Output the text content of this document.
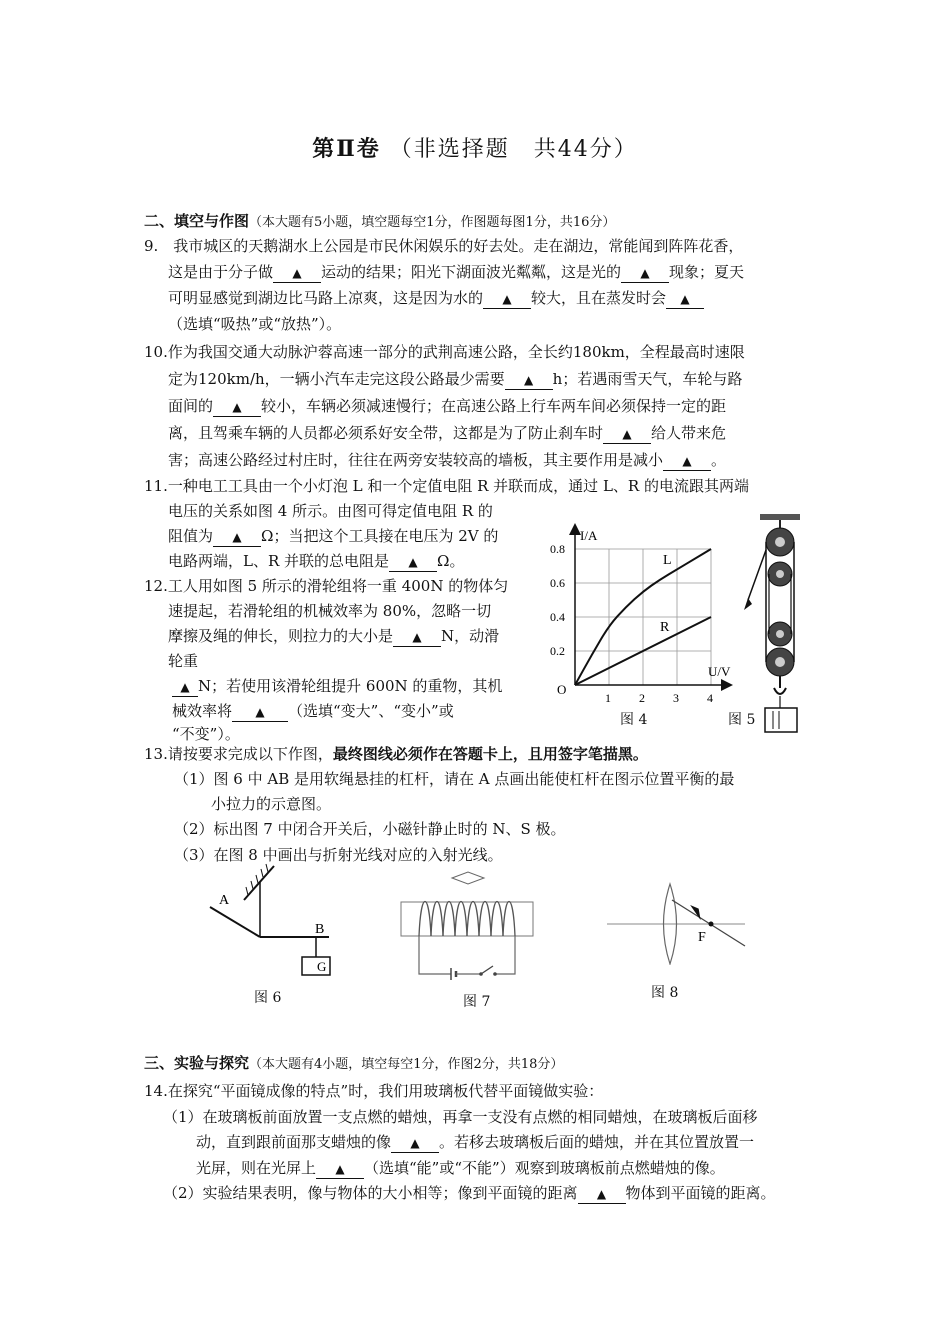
第Ⅱ卷 （非选择题　共44分）
二、填空与作图（本大题有5小题，填空题每空1分，作图题每图1分，共16分）
9.　我市城区的天鹅湖水上公园是市民休闲娱乐的好去处。走在湖边，常能闻到阵阵花香，
这是由于分子做 ▲ 运动的结果；阳光下湖面波光粼粼，这是光的 ▲ 现象；夏天
可明显感觉到湖边比马路上凉爽，这是因为水的 ▲ 较大，且在蒸发时会 ▲
（选填“吸热”或“放热”）。
10.作为我国交通大动脉沪蓉高速一部分的武荆高速公路，全长约180km，全程最高时速限
定为120km/h，一辆小汽车走完这段公路最少需要 ▲ h；若遇雨雪天气，车轮与路
面间的 ▲ 较小，车辆必须减速慢行；在高速公路上行车两车间必须保持一定的距
离，且驾乘车辆的人员都必须系好安全带，这都是为了防止刹车时 ▲ 给人带来危
害；高速公路经过村庄时，往往在两旁安装较高的墙板，其主要作用是减小 ▲ 。
11.一种电工工具由一个小灯泡 L 和一个定值电阻 R 并联而成，通过 L、R 的电流跟其两端
电压的关系如图 4 所示。由图可得定值电阻 R 的
阻值为 ▲ Ω；当把这个工具接在电压为 2V 的
电路两端，L、R 并联的总电阻是 ▲ Ω。
12.工人用如图 5 所示的滑轮组将一重 400N 的物体匀
速提起，若滑轮组的机械效率为 80%，忽略一切
摩擦及绳的伸长，则拉力的大小是 ▲ N，动滑
轮重
▲ N；若使用该滑轮组提升 600N 的重物，其机
械效率将 ▲ （选填“变大”、“变小”或
“不变”）。
0.2
0.4
0.6
0.8
1 2 3 4
I/A
U/V
O
L
R
图 4	图 5
13.请按要求完成以下作图，最终图线必须作在答题卡上，且用签字笔描黑。
（1）图 6 中 AB 是用软绳悬挂的杠杆，请在 A 点画出能使杠杆在图示位置平衡的最
小拉力的示意图。
（2）标出图 7 中闭合开关后，小磁针静止时的 N、S 极。
（3）在图 8 中画出与折射光线对应的入射光线。
A
B
G
图 6	图 7
F
图 8
三、实验与探究（本大题有4小题，填空每空1分，作图2分，共18分）
14.在探究“平面镜成像的特点”时，我们用玻璃板代替平面镜做实验：
（1）在玻璃板前面放置一支点燃的蜡烛，再拿一支没有点燃的相同蜡烛，在玻璃板后面移
动，直到跟前面那支蜡烛的像 ▲ 。若移去玻璃板后面的蜡烛，并在其位置放置一
光屏，则在光屏上 ▲ （选填“能”或“不能”）观察到玻璃板前点燃蜡烛的像。
（2）实验结果表明，像与物体的大小相等；像到平面镜的距离 ▲ 物体到平面镜的距离。
